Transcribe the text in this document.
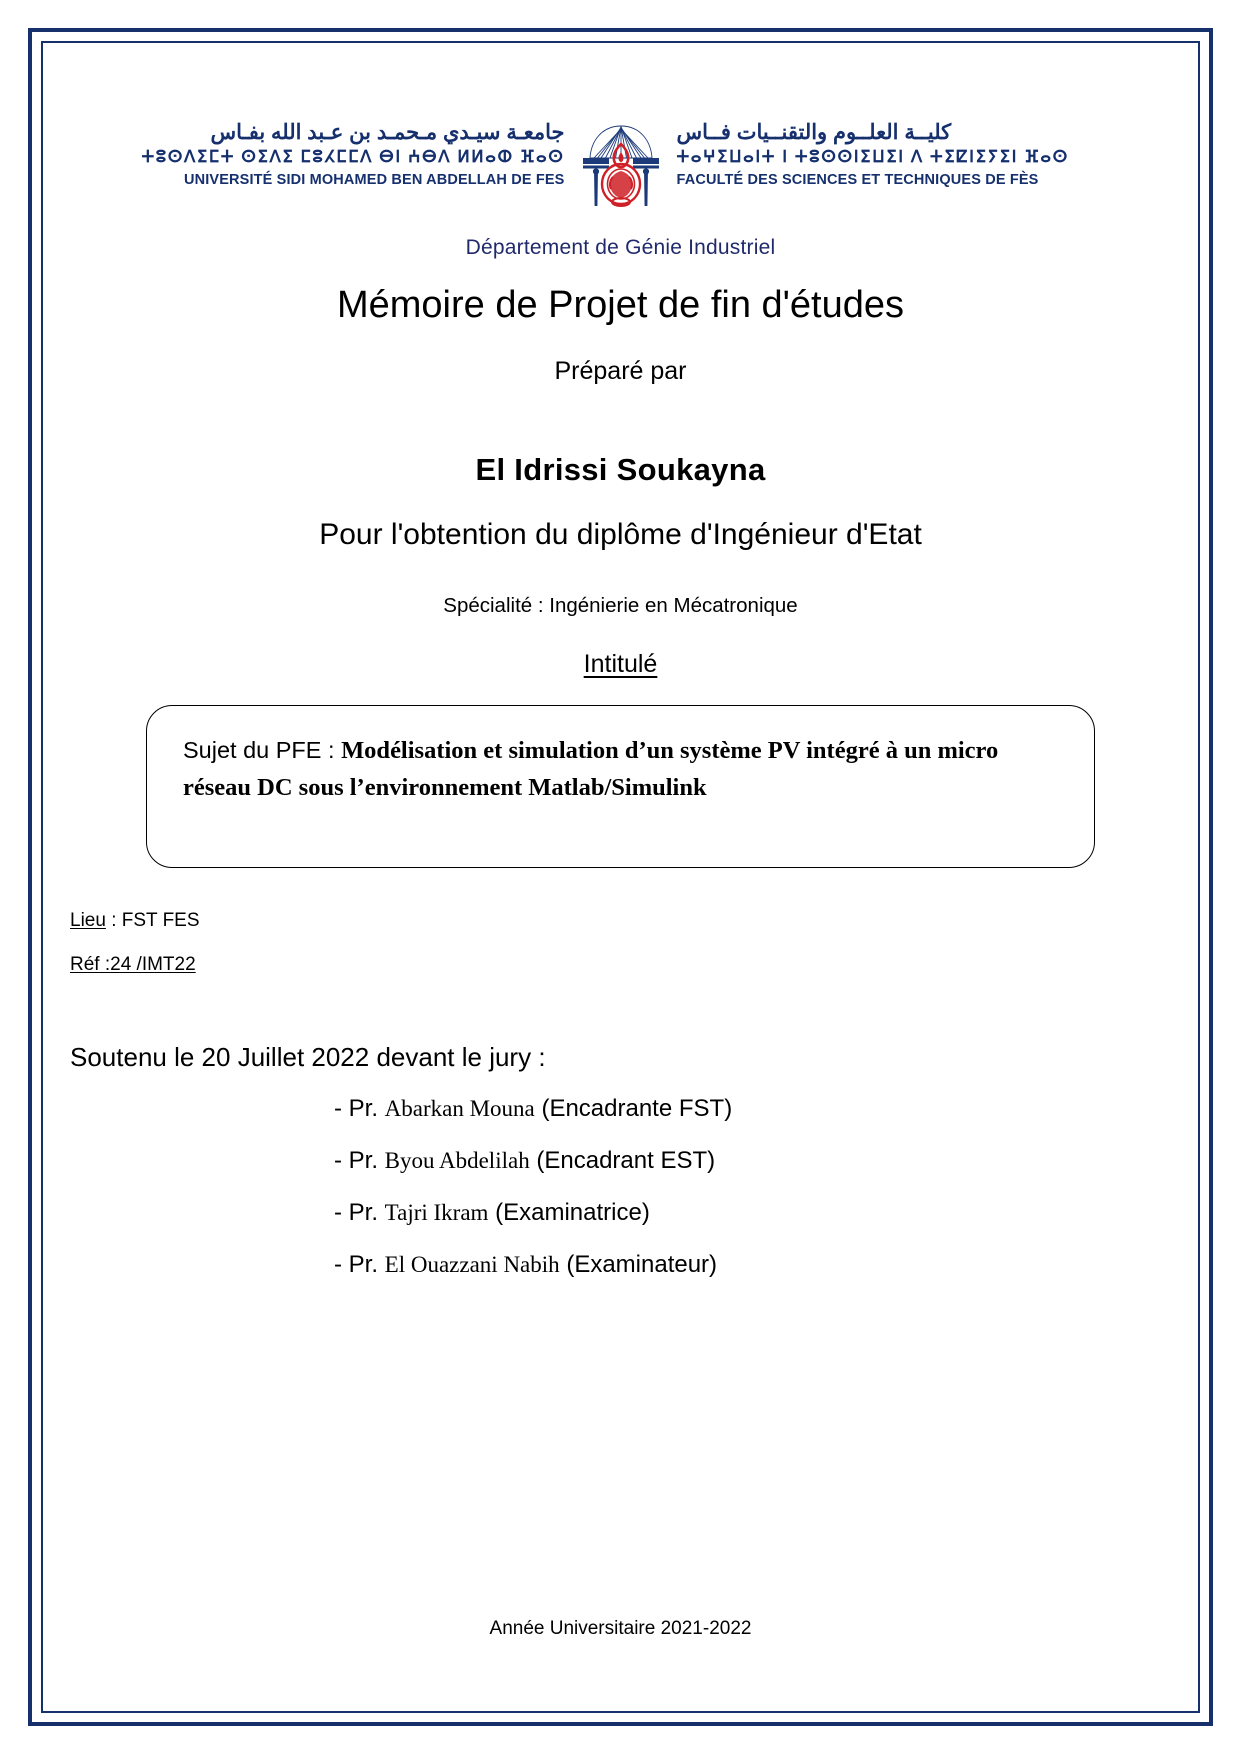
جامعـة سيـدي مـحمـد بن عـبد الله بفـاس
ⵜⵓⵙⴷⵉⵎⵜ ⵙⵉⴷⵉ ⵎⵓⵃⵎⵎⴷ ⴱⵏ ⵄⴱⴷ ⵍⵍⴰⵀ ⴼⴰⵙ
UNIVERSITÉ SIDI MOHAMED BEN ABDELLAH DE FES
كليــة العلــوم والتقنــيات فــاس
ⵜⴰⵖⵉⵡⴰⵏⵜ ⵏ ⵜⵓⵙⵙⵏⵉⵡⵉⵏ ⴷ ⵜⵉⵇⵏⵉⵢⵉⵏ ⴼⴰⵙ
FACULTÉ DES SCIENCES ET TECHNIQUES DE FÈS
Département de Génie Industriel
Mémoire de Projet de fin d'études
Préparé par
El Idrissi Soukayna
Pour l'obtention du diplôme d'Ingénieur d'Etat
Spécialité : Ingénierie en Mécatronique
Intitulé
Sujet du PFE : Modélisation et simulation d’un système PV intégré à un micro réseau DC sous l’environnement Matlab/Simulink
Lieu : FST FES
Réf :24 /IMT22
Soutenu le 20 Juillet 2022 devant le jury :
- Pr. Abarkan Mouna (Encadrante FST)
- Pr. Byou Abdelilah (Encadrant EST)
- Pr. Tajri Ikram (Examinatrice)
- Pr. El Ouazzani Nabih (Examinateur)
Année Universitaire 2021-2022
